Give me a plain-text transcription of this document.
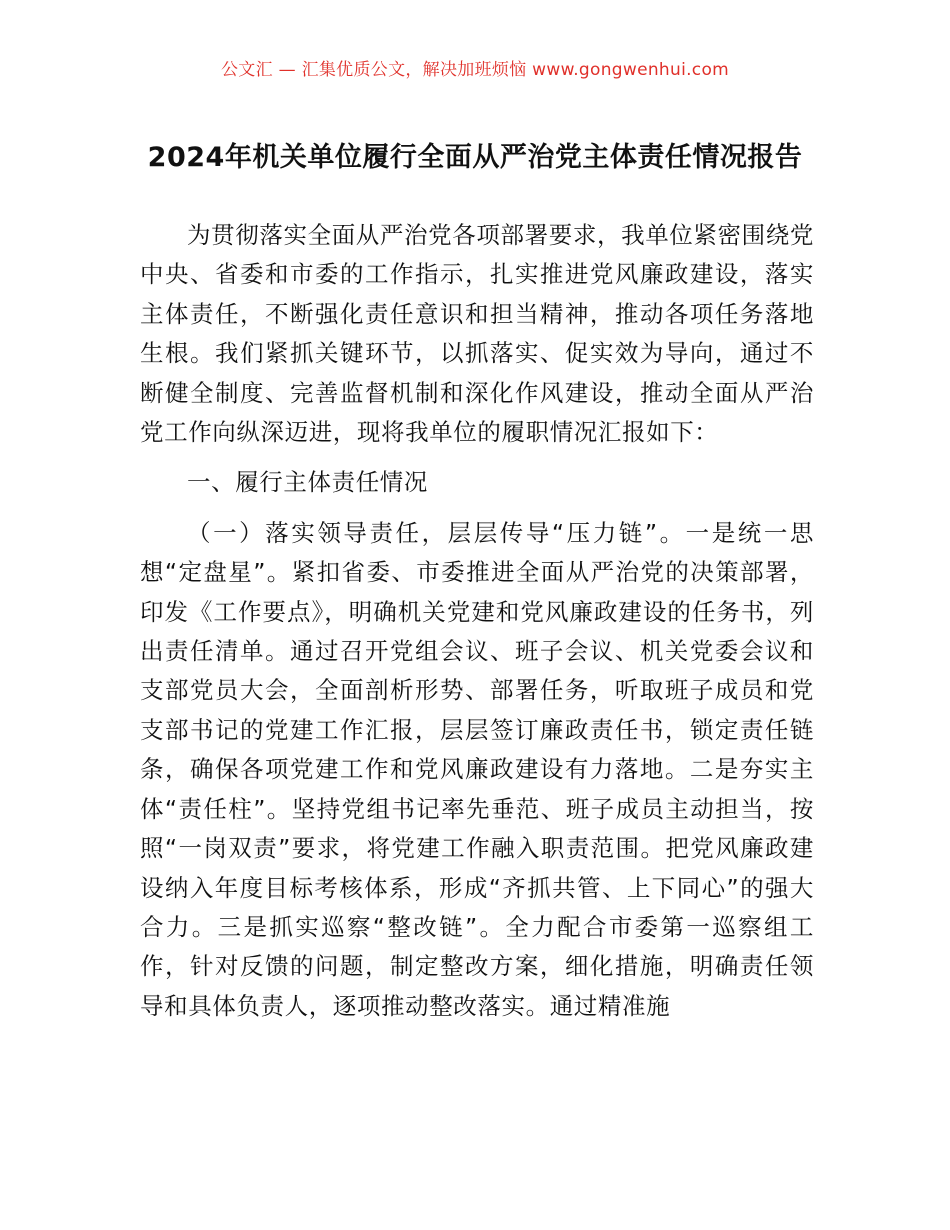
公文汇 — 汇集优质公文，解决加班烦恼 www.gongwenhui.com
2024年机关单位履行全面从严治党主体责任情况报告

为贯彻落实全面从严治党各项部署要求，我单位紧密围绕党中央、省委和市委的工作指示，扎实推进党风廉政建设，落实主体责任，不断强化责任意识和担当精神，推动各项任务落地生根。我们紧抓关键环节，以抓落实、促实效为导向，通过不断健全制度、完善监督机制和深化作风建设，推动全面从严治党工作向纵深迈进，现将我单位的履职情况汇报如下：

一、履行主体责任情况

（一）落实领导责任，层层传导“压力链”。一是统一思想“定盘星”。紧扣省委、市委推进全面从严治党的决策部署，印发《工作要点》，明确机关党建和党风廉政建设的任务书，列出责任清单。通过召开党组会议、班子会议、机关党委会议和支部党员大会，全面剖析形势、部署任务，听取班子成员和党支部书记的党建工作汇报，层层签订廉政责任书，锁定责任链条，确保各项党建工作和党风廉政建设有力落地。二是夯实主体“责任柱”。坚持党组书记率先垂范、班子成员主动担当，按照“一岗双责”要求，将党建工作融入职责范围。把党风廉政建设纳入年度目标考核体系，形成“齐抓共管、上下同心”的强大合力。三是抓实巡察“整改链”。全力配合市委第一巡察组工作，针对反馈的问题，制定整改方案，细化措施，明确责任领导和具体负责人，逐项推动整改落实。通过精准施
